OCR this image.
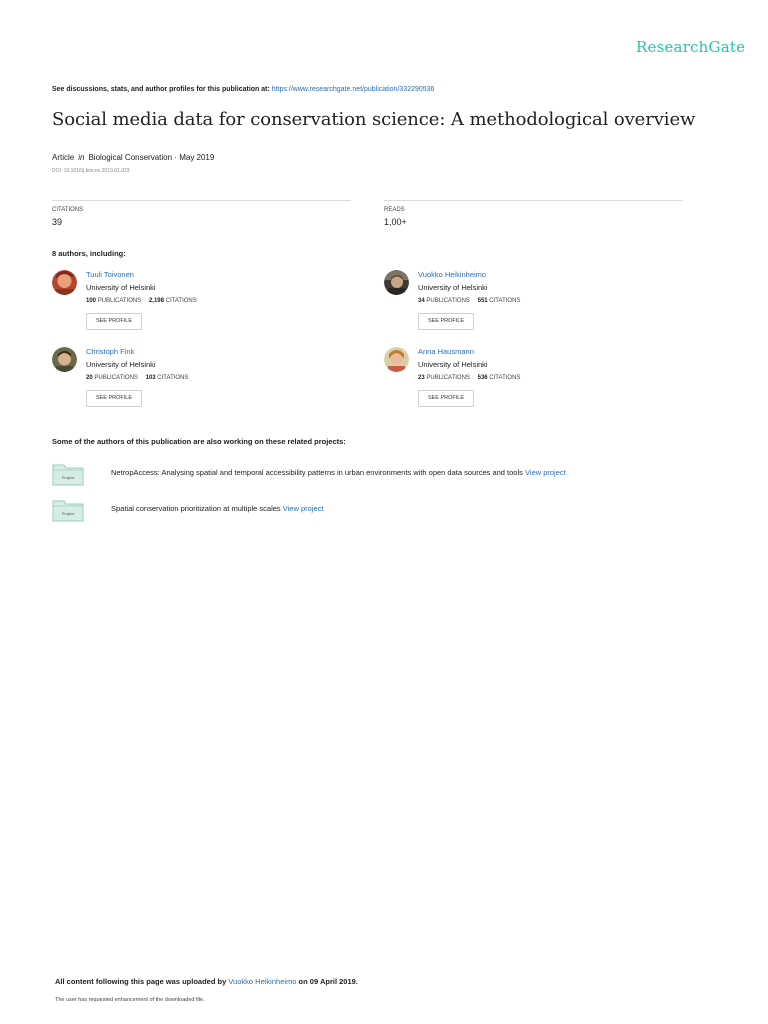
ResearchGate
See discussions, stats, and author profiles for this publication at: https://www.researchgate.net/publication/332290536
Social media data for conservation science: A methodological overview
Article in Biological Conservation · May 2019
DOI: 10.1016/j.biocon.2019.01.023
CITATIONS
39
READS
1,00+
8 authors, including:
Tuuli Toivonen
University of Helsinki
100 PUBLICATIONS 2,198 CITATIONS
SEE PROFILE
Vuokko Heikinheimo
University of Helsinki
34 PUBLICATIONS 551 CITATIONS
SEE PROFILE
Christoph Fink
University of Helsinki
20 PUBLICATIONS 103 CITATIONS
SEE PROFILE
Anna Hausmann
University of Helsinki
23 PUBLICATIONS 536 CITATIONS
SEE PROFILE
Some of the authors of this publication are also working on these related projects:
Project
NetropAccess: Analysing spatial and temporal accessibility patterns in urban environments with open data sources and tools View project
Project
Spatial conservation prioritization at multiple scales View project
All content following this page was uploaded by Vuokko Heikinheimo on 09 April 2019.
The user has requested enhancement of the downloaded file.
